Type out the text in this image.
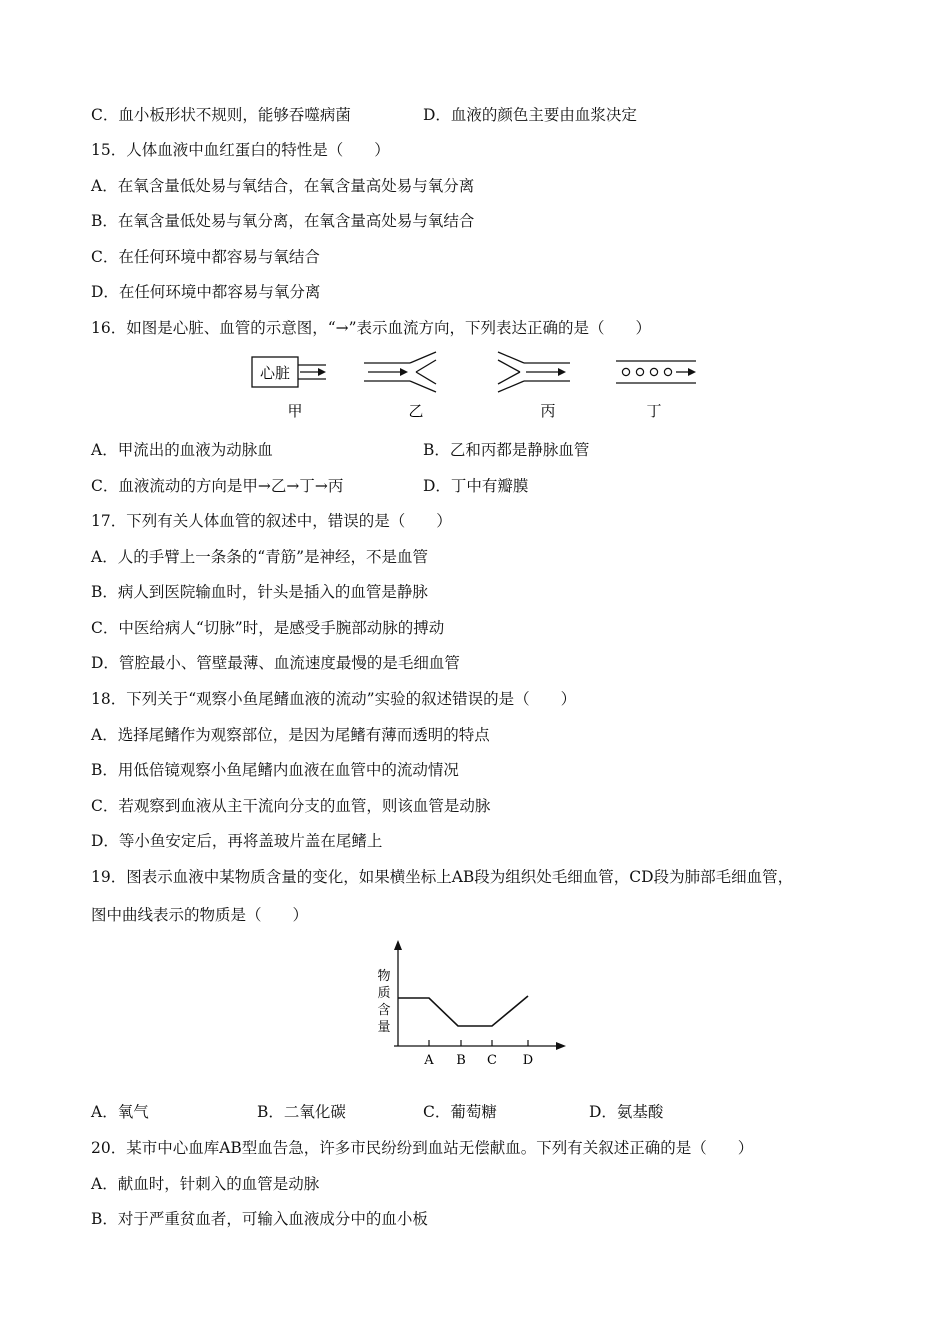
C．血小板形状不规则，能够吞噬病菌	D．血液的颜色主要由血浆决定
15．人体血液中血红蛋白的特性是（　　）
A．在氧含量低处易与氧结合，在氧含量高处易与氧分离
B．在氧含量低处易与氧分离，在氧含量高处易与氧结合
C．在任何环境中都容易与氧结合
D．在任何环境中都容易与氧分离
16．如图是心脏、血管的示意图，“→”表示血流方向，下列表达正确的是（　　）
心脏
甲	乙	丙	丁
A．甲流出的血液为动脉血	B．乙和丙都是静脉血管
C．血液流动的方向是甲→乙→丁→丙	D．丁中有瓣膜
17．下列有关人体血管的叙述中，错误的是（　　）
A．人的手臂上一条条的“青筋”是神经，不是血管
B．病人到医院输血时，针头是插入的血管是静脉
C．中医给病人“切脉”时，是感受手腕部动脉的搏动
D．管腔最小、管壁最薄、血流速度最慢的是毛细血管
18．下列关于“观察小鱼尾鳍血液的流动”实验的叙述错误的是（　　）
A．选择尾鳍作为观察部位，是因为尾鳍有薄而透明的特点
B．用低倍镜观察小鱼尾鳍内血液在血管中的流动情况
C．若观察到血液从主干流向分支的血管，则该血管是动脉
D．等小鱼安定后，再将盖玻片盖在尾鳍上
19．图表示血液中某物质含量的变化，如果横坐标上AB段为组织处毛细血管，CD段为肺部毛细血管，
图中曲线表示的物质是（　　）
物
质
含
量
A B C D
A．氧气	B．二氧化碳	C．葡萄糖	D．氨基酸
20．某市中心血库AB型血告急，许多市民纷纷到血站无偿献血。下列有关叙述正确的是（　　）
A．献血时，针刺入的血管是动脉
B．对于严重贫血者，可输入血液成分中的血小板
